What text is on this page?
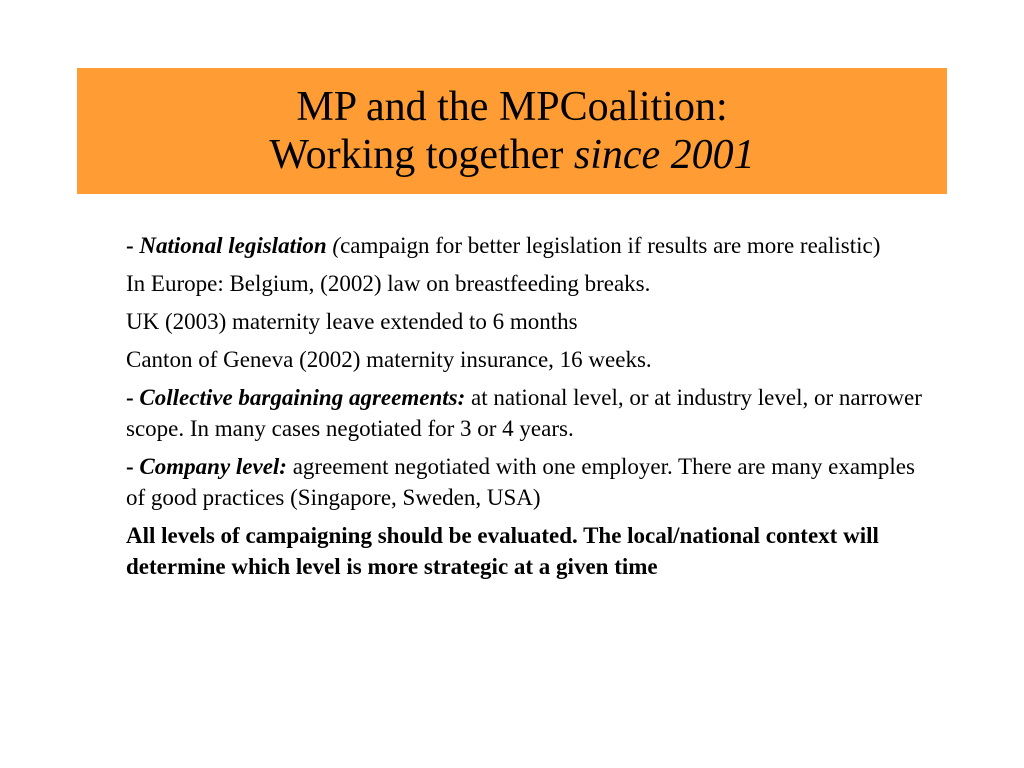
MP and the MPCoalition:
Working together since 2001

- National legislation (campaign for better legislation if results are more realistic)

In Europe: Belgium, (2002) law on breastfeeding breaks.

UK (2003) maternity leave extended to 6 months

Canton of Geneva (2002) maternity insurance, 16 weeks.

- Collective bargaining agreements: at national level, or at industry level, or narrower scope. In many cases negotiated for 3 or 4 years.

- Company level: agreement negotiated with one employer. There are many examples of good practices (Singapore, Sweden, USA)

All levels of campaigning should be evaluated. The local/national context will determine which level is more strategic at a given time
